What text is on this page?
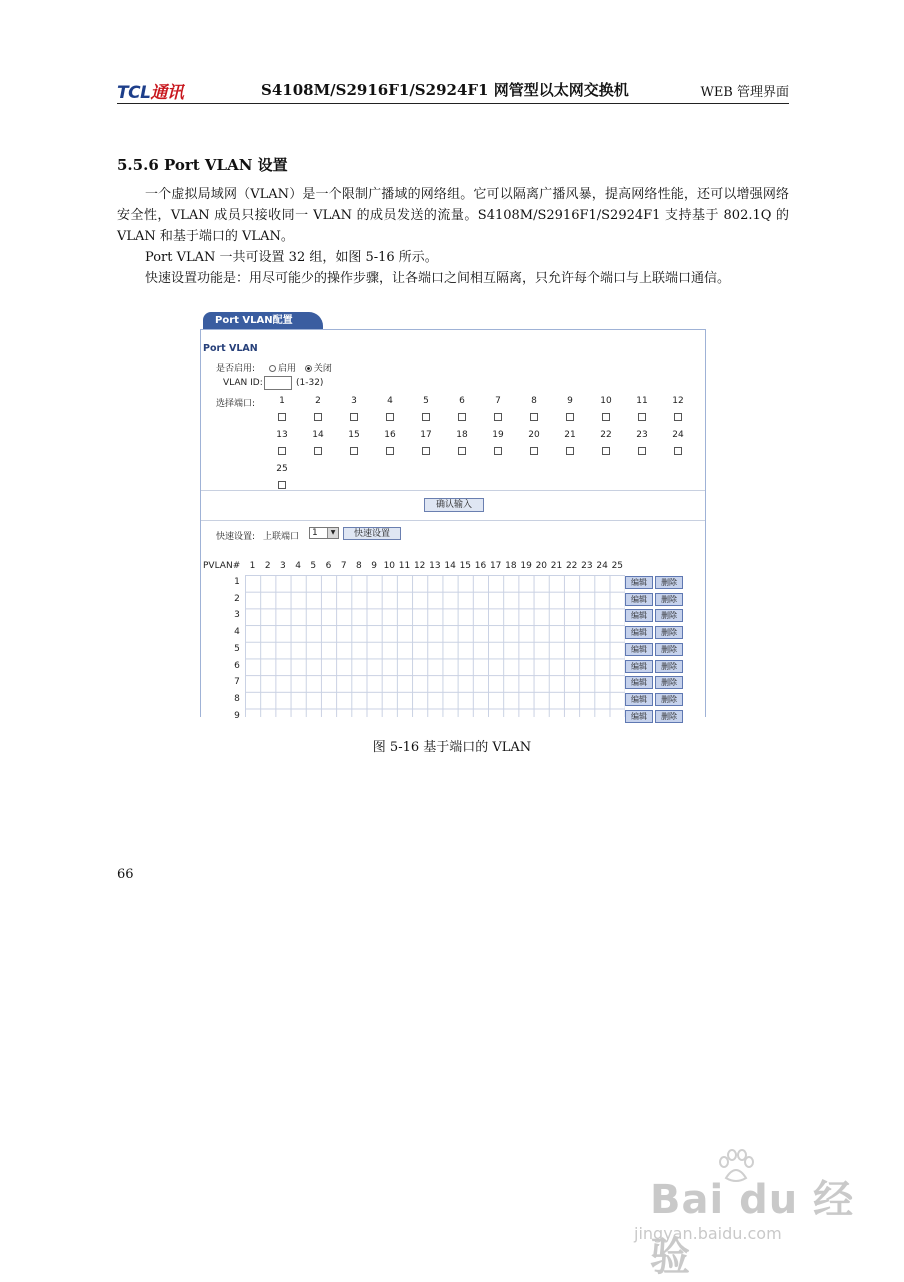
TCL通讯	S4108M/S2916F1/S2924F1 网管型以太网交换机	WEB 管理界面
5.5.6 Port VLAN 设置
一个虚拟局域网（VLAN）是一个限制广播域的网络组。它可以隔离广播风暴，提高网络性能，还可以增强网络安全性，VLAN 成员只接收同一 VLAN 的成员发送的流量。S4108M/S2916F1/S2924F1 支持基于 802.1Q 的 VLAN 和基于端口的 VLAN。
Port VLAN 一共可设置 32 组，如图 5-16 所示。
快速设置功能是：用尽可能少的操作步骤，让各端口之间相互隔离，只允许每个端口与上联端口通信。
Port VLAN配置
Port VLAN
是否启用:	启用 关闭
VLAN ID:	(1-32)
选择端口:	1	2	3	4	5	6	7	8	9	10	11	12
13	14	15	16	17	18	19	20	21	22	23	24
25
确认输入
快速设置: 上联端口	1	▼	快速设置
PVLAN#	1	2	3	4	5	6	7	8	9 10 11 12 13 14 15 16 17 18 19 20 21 22 23 24 25
1	编辑	删除
2	编辑	删除
3	编辑	删除
4	编辑	删除
5	编辑	删除
6	编辑	删除
7	编辑	删除
8	编辑	删除
9	编辑	删除
图 5-16 基于端口的 VLAN
66
Bai du 经验
jingyan.baidu.com
